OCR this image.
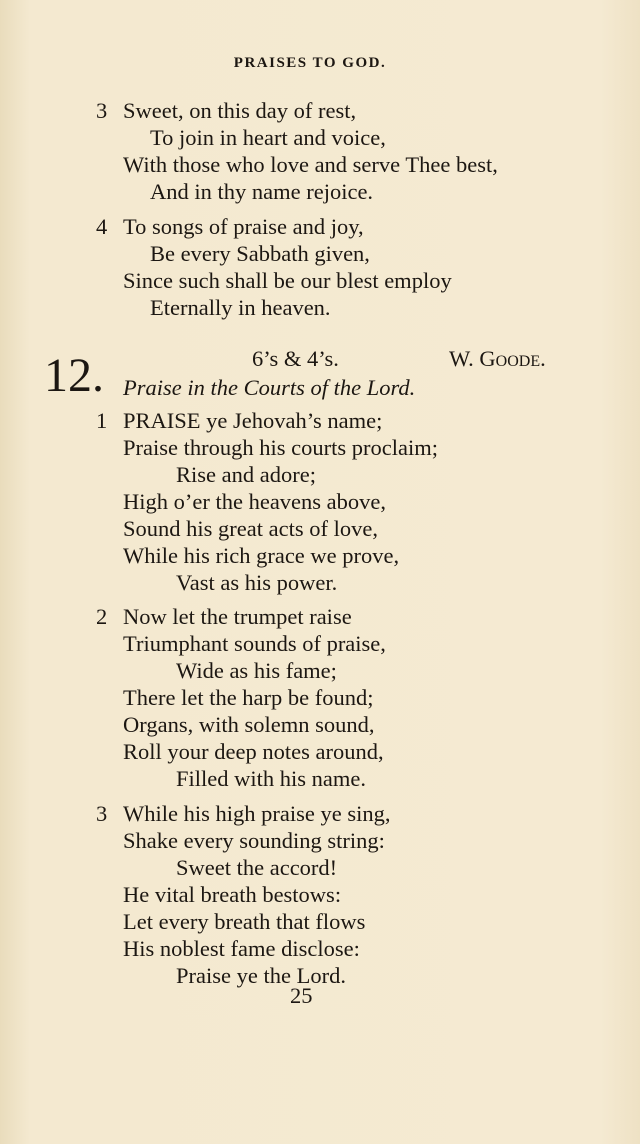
PRAISES TO GOD.
3 Sweet, on this day of rest,
To join in heart and voice,
With those who love and serve Thee best,
And in thy name rejoice.
4 To songs of praise and joy,
Be every Sabbath given,
Since such shall be our blest employ
Eternally in heaven.
12.	6’s & 4’s.	W. Goode.
Praise in the Courts of the Lord.
1 PRAISE ye Jehovah’s name;
Praise through his courts proclaim;
Rise and adore;
High o’er the heavens above,
Sound his great acts of love,
While his rich grace we prove,
Vast as his power.
2 Now let the trumpet raise
Triumphant sounds of praise,
Wide as his fame;
There let the harp be found;
Organs, with solemn sound,
Roll your deep notes around,
Filled with his name.
3 While his high praise ye sing,
Shake every sounding string:
Sweet the accord!
He vital breath bestows:
Let every breath that flows
His noblest fame disclose:
Praise ye the Lord.
25
